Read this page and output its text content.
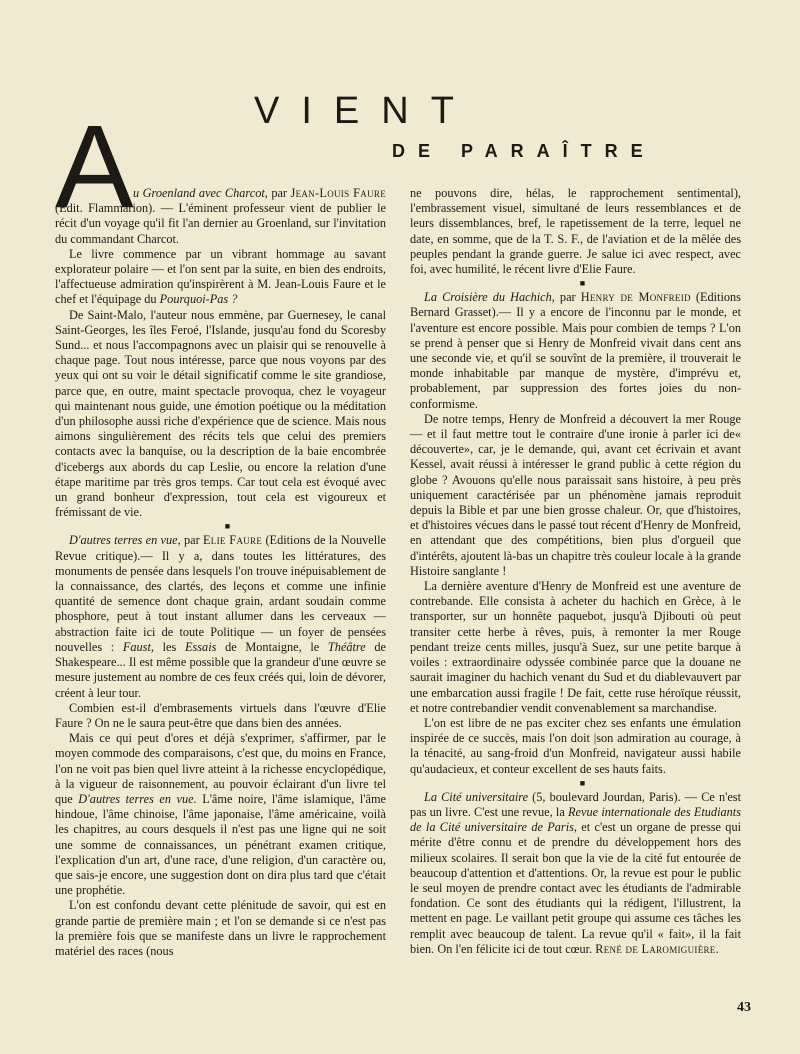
VIENT
DE PARAÎTRE
A u Groenland avec Charcot, par Jean-Louis Faure (Edit. Flammarion). — L'éminent professeur vient de publier le récit d'un voyage qu'il fit l'an dernier au Groenland, sur l'invitation du commandant Charcot.

Le livre commence par un vibrant hommage au savant explorateur polaire — et l'on sent par la suite, en bien des endroits, l'affectueuse admiration qu'inspirèrent à M. Jean-Louis Faure et le chef et l'équipage du Pourquoi-Pas ?

De Saint-Malo, l'auteur nous emmène, par Guernesey, le canal Saint-Georges, les îles Feroé, l'Islande, jusqu'au fond du Scoresby Sund... et nous l'accompagnons avec un plaisir qui se renouvelle à chaque page. Tout nous intéresse, parce que nous voyons par des yeux qui ont su voir le détail significatif comme le site grandiose, parce que, en outre, maint spectacle provoqua, chez le voyageur qui maintenant nous guide, une émotion poétique ou la méditation d'un philosophe aussi riche d'expérience que de science. Mais nous aimons singulièrement des récits tels que celui des premiers contacts avec la banquise, ou la description de la baie encombrée d'icebergs aux abords du cap Leslie, ou encore la relation d'une étape maritime par très gros temps. Car tout cela est évoqué avec un grand bonheur d'expression, tout cela est vigoureux et frémissant de vie.

■

D'autres terres en vue, par Elie Faure (Editions de la Nouvelle Revue critique).— Il y a, dans toutes les littératures, des monuments de pensée dans lesquels l'on trouve inépuisablement de la connaissance, des clartés, des leçons et comme une infinie quantité de semence dont chaque grain, ardant soudain comme phosphore, peut à tout instant allumer dans les cerveaux — abstraction faite ici de toute Politique — un foyer de pensées nouvelles : Faust, les Essais de Montaigne, le Théâtre de Shakespeare... Il est même possible que la grandeur d'une œuvre se mesure justement au nombre de ces feux créés qui, loin de dévorer, créent à leur tour.

Combien est-il d'embrasements virtuels dans l'œuvre d'Elie Faure ? On ne le saura peut-être que dans bien des années.

Mais ce qui peut d'ores et déjà s'exprimer, s'affirmer, par le moyen commode des comparaisons, c'est que, du moins en France, l'on ne voit pas bien quel livre atteint à la richesse encyclopédique, à la vigueur de raisonnement, au pouvoir éclairant d'un livre tel que D'autres terres en vue. L'âme noire, l'âme islamique, l'âme hindoue, l'âme chinoise, l'âme japonaise, l'âme américaine, voilà les chapitres, au cours desquels il n'est pas une ligne qui ne soit une somme de connaissances, un pénétrant examen critique, l'explication d'un art, d'une race, d'une religion, d'un caractère ou, que sais-je encore, une suggestion dont on dira plus tard que c'était une prophétie.

L'on est confondu devant cette plénitude de savoir, qui est en grande partie de première main ; et l'on se demande si ce n'est pas la première fois que se manifeste dans un livre le rapprochement matériel des races (nous

ne pouvons dire, hélas, le rapprochement sentimental), l'embrassement visuel, simultané de leurs ressemblances et de leurs dissemblances, bref, le rapetissement de la terre, lequel ne date, en somme, que de la T. S. F., de l'aviation et de la mêlée des peuples pendant la grande guerre. Je salue ici avec respect, avec foi, avec humilité, le récent livre d'Elie Faure.

■

La Croisière du Hachich, par Henry de Monfreid (Editions Bernard Grasset).— Il y a encore de l'inconnu par le monde, et l'aventure est encore possible. Mais pour combien de temps ? L'on se prend à penser que si Henry de Monfreid vivait dans cent ans une seconde vie, et qu'il se souvînt de la première, il trouverait le monde inhabitable par manque de mystère, d'imprévu et, probablement, par suppression des fortes joies du non-conformisme.

De notre temps, Henry de Monfreid a découvert la mer Rouge — et il faut mettre tout le contraire d'une ironie à parler ici de« découverte», car, je le demande, qui, avant cet écrivain et avant Kessel, avait réussi à intéresser le grand public à cette région du globe ? Avouons qu'elle nous paraissait sans histoire, à peu près uniquement caractérisée par un phénomène jamais reproduit depuis la Bible et par une bien grosse chaleur. Or, que d'histoires, et d'histoires vécues dans le passé tout récent d'Henry de Monfreid, en attendant que des compétitions, bien plus d'orgueil que d'intérêts, ajoutent là-bas un chapitre très couleur locale à la grande Histoire sanglante !

La dernière aventure d'Henry de Monfreid est une aventure de contrebande. Elle consista à acheter du hachich en Grèce, à le transporter, sur un honnête paquebot, jusqu'à Djibouti où peut transiter cette herbe à rêves, puis, à remonter la mer Rouge pendant treize cents milles, jusqu'à Suez, sur une petite barque à voiles : extraordinaire odyssée combinée parce que la douane ne saurait imaginer du hachich venant du Sud et du diablevauvert par une embarcation aussi fragile ! De fait, cette ruse héroïque réussit, et notre contrebandier vendit convenablement sa marchandise.

L'on est libre de ne pas exciter chez ses enfants une émulation inspirée de ce succès, mais l'on doit |son admiration au courage, à la ténacité, au sang-froid d'un Monfreid, navigateur aussi habile qu'audacieux, et conteur excellent de ses hauts faits.

■

La Cité universitaire (5, boulevard Jourdan, Paris). — Ce n'est pas un livre. C'est une revue, la Revue internationale des Etudiants de la Cité universitaire de Paris, et c'est un organe de presse qui mérite d'être connu et de prendre du développement hors des milieux scolaires. Il serait bon que la vie de la cité fut entourée de beaucoup d'attention et d'attentions. Or, la revue est pour le public le seul moyen de prendre contact avec les étudiants de l'admirable fondation. Ce sont des étudiants qui la rédigent, l'illustrent, la mettent en page. Le vaillant petit groupe qui assume ces tâches les remplit avec beaucoup de talent. La revue qu'il « fait», il la fait bien. On l'en félicite ici de tout cœur. René de Laromiguière.

43
